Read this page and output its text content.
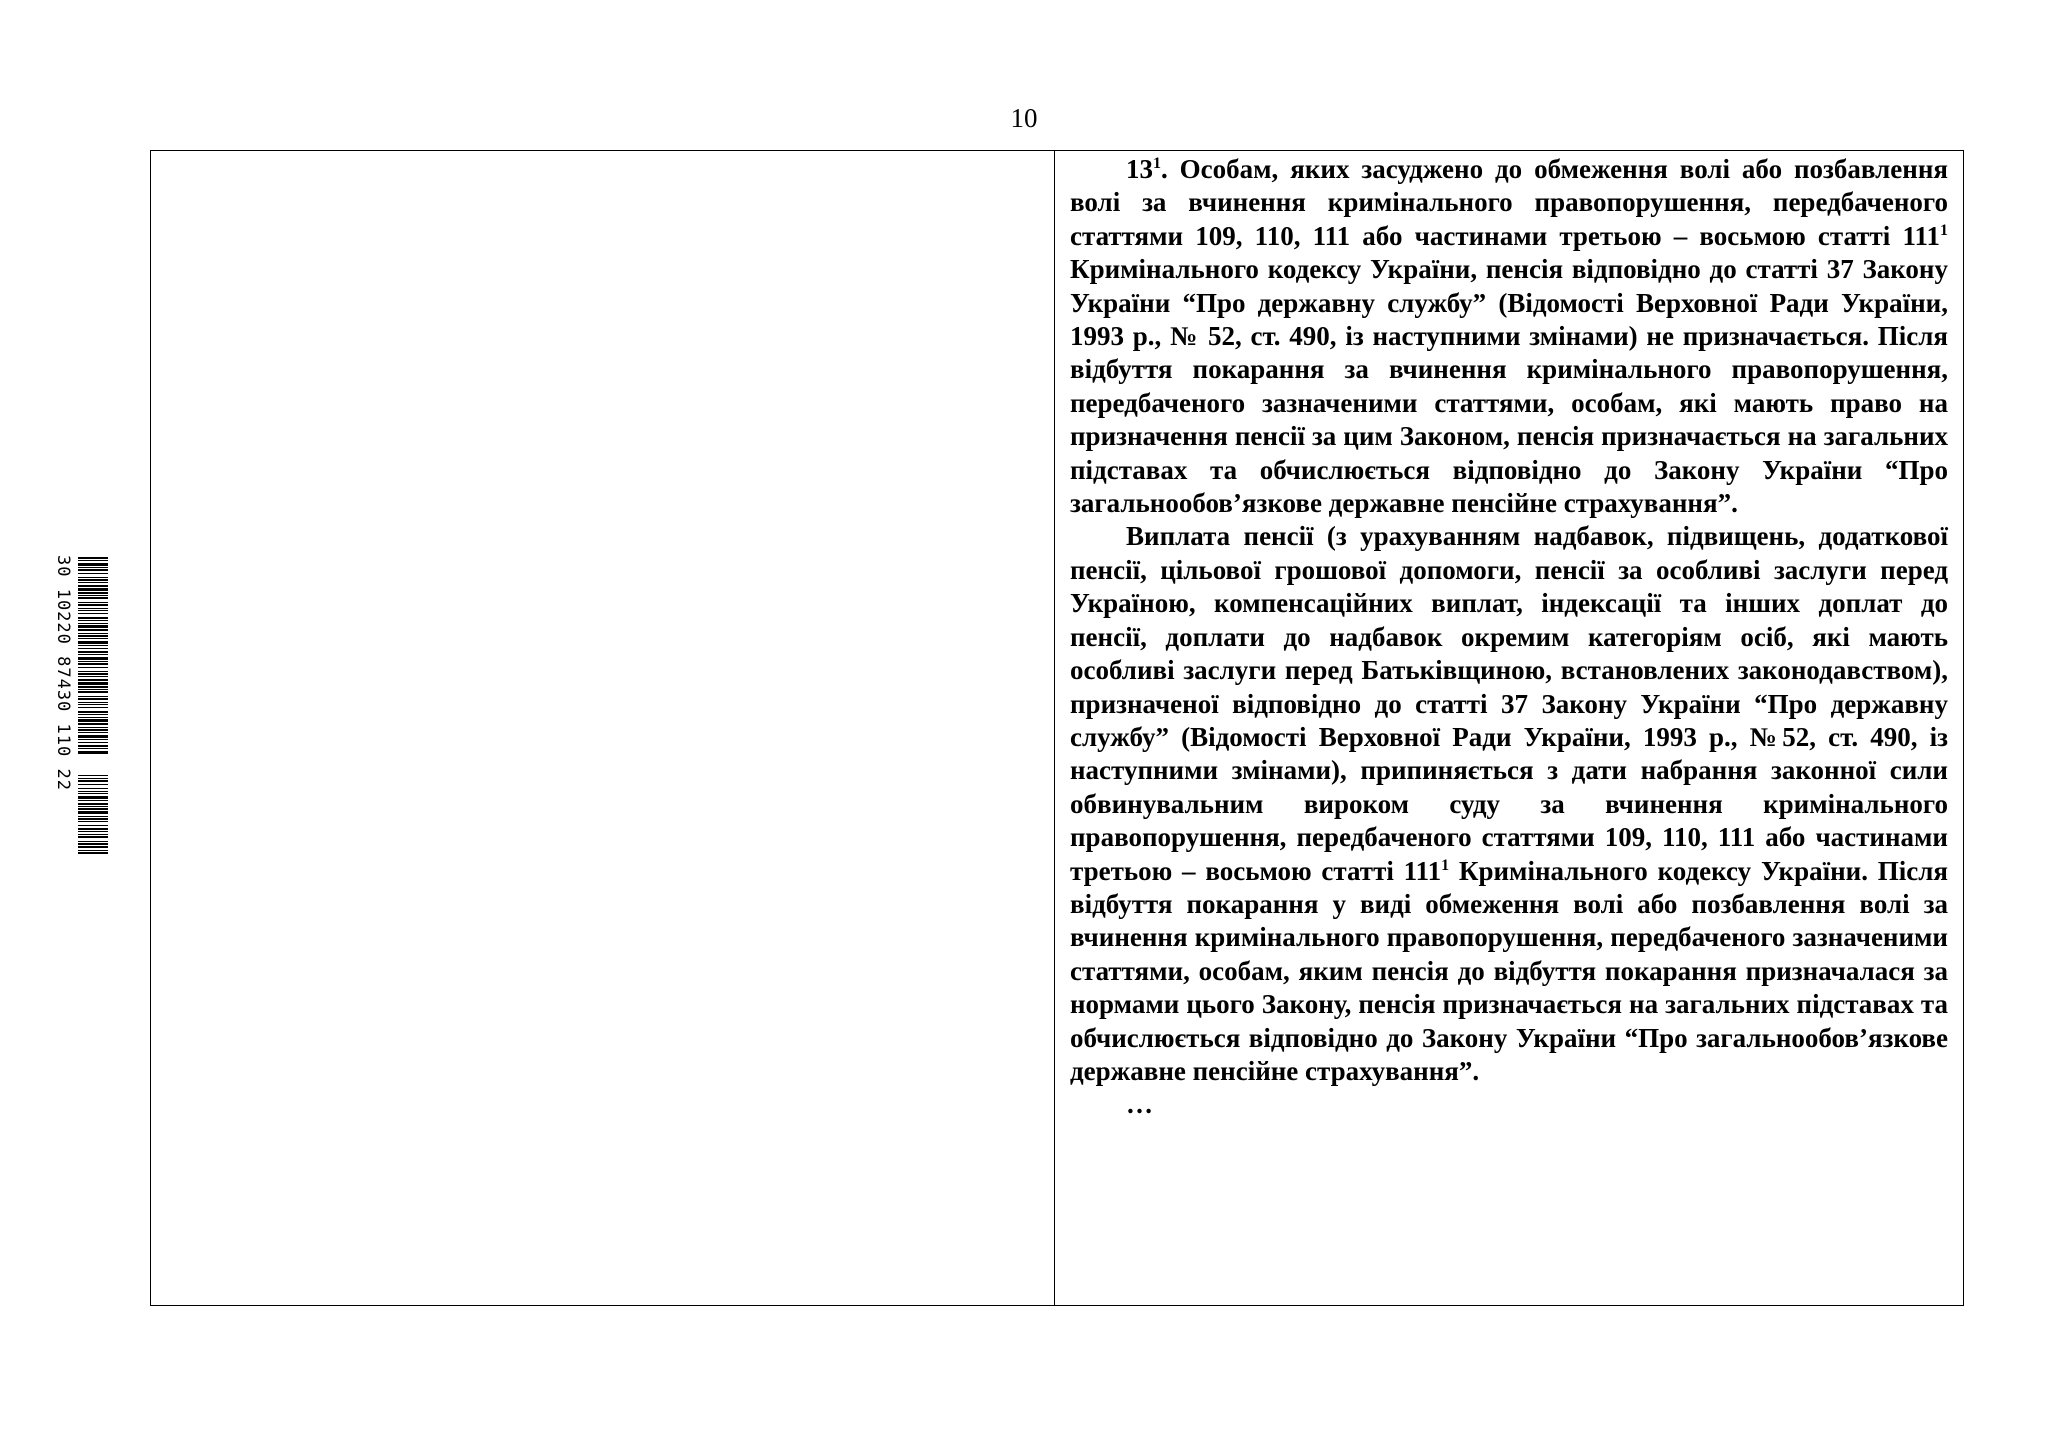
10
30 10220 87430 110 22

$13^1$. Особам, яких засуджено до обмеження волі або позбавлення волі за вчинення кримінального правопорушення, передбаченого статтями 109, 110, 111 або частинами третьою – восьмою статті $111^1$ Кримінального кодексу України, пенсія відповідно до статті 37 Закону України “Про державну службу” (Відомості Верховної Ради України, 1993 р., № 52, ст. 490, із наступними змінами) не призначається. Після відбуття покарання за вчинення кримінального правопорушення, передбаченого зазначеними статтями, особам, які мають право на призначення пенсії за цим Законом, пенсія призначається на загальних підставах та обчислюється відповідно до Закону України “Про загальнообов’язкове державне пенсійне страхування”.

Виплата пенсії (з урахуванням надбавок, підвищень, додаткової пенсії, цільової грошової допомоги, пенсії за особливі заслуги перед Україною, компенсаційних виплат, індексації та інших доплат до пенсії, доплати до надбавок окремим категоріям осіб, які мають особливі заслуги перед Батьківщиною, встановлених законодавством), призначеної відповідно до статті 37 Закону України “Про державну службу” (Відомості Верховної Ради України, 1993 р., №52, ст. 490, із наступними змінами), припиняється з дати набрання законної сили обвинувальним вироком суду за вчинення кримінального правопорушення, передбаченого статтями 109, 110, 111 або частинами третьою – восьмою статті $111^1$ Кримінального кодексу України. Після відбуття покарання у виді обмеження волі або позбавлення волі за вчинення кримінального правопорушення, передбаченого зазначеними статтями, особам, яким пенсія до відбуття покарання призначалася за нормами цього Закону, пенсія призначається на загальних підставах та обчислюється відповідно до Закону України “Про загальнообов’язкове державне пенсійне страхування”.

…
